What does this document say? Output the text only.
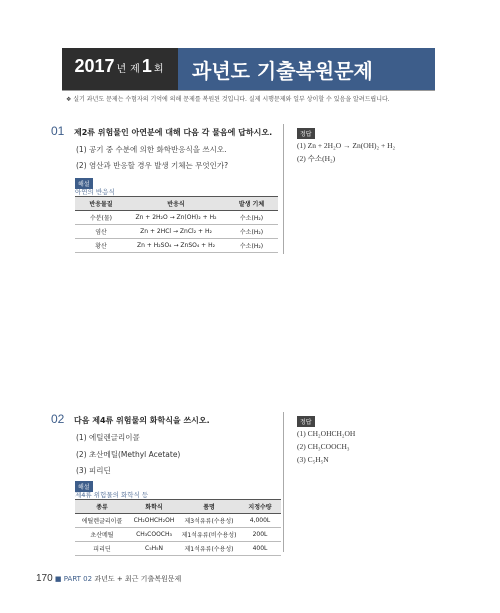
2017 년 제 1 회	과년도 기출복원문제
❖ 실기 과년도 문제는 수험자의 기억에 의해 문제를 복원된 것입니다. 실제 시행문제와 일부 상이할 수 있음을 알려드립니다.
01 제2류 위험물인 아연분에 대해 다음 각 물음에 답하시오.
(1) 공기 중 수분에 의한 화학반응식을 쓰시오.
(2) 염산과 반응할 경우 발생 기체는 무엇인가?
해설
아연의 반응식
반응물질	반응식	발생 기체
수분(물)	Zn + 2H₂O → Zn(OH)₂ + H₂	수소(H₂)
염산	Zn + 2HCl → ZnCl₂ + H₂	수소(H₂)
황산	Zn + H₂SO₄ → ZnSO₄ + H₂	수소(H₂)
정답
(1) Zn + 2H₂O → Zn(OH)₂ + H₂
(2) 수소(H₂)
02 다음 제4류 위험물의 화학식을 쓰시오.
(1) 에틸렌글리이콜
(2) 초산메틸(Methyl Acetate)
(3) 피리딘
해설
제4류 위험물의 화학식 등
종류	화학식	품명	지정수량
에틸렌글리이콜	CH₂OHCH₂OH	제3석유류(수용성)	4,000L
초산메틸	CH₃COOCH₃	제1석유류(비수용성)	200L
피리딘	C₅H₅N	제1석유류(수용성)	400L
정답
(1) CH₂OHCH₂OH
(2) CH₃COOCH₃
(3) C₅H₅N
170 ■ PART 02 과년도 + 최근 기출복원문제
